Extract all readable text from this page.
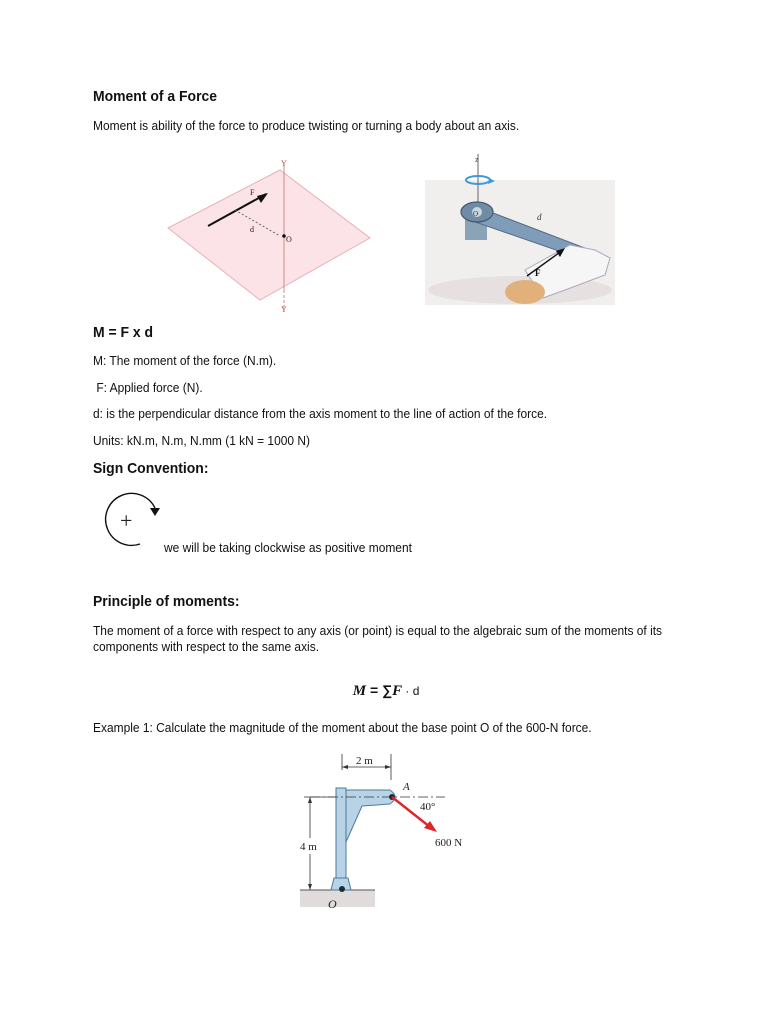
Moment of a Force
Moment is ability of the force to produce twisting or turning a body about an axis.
Y
Y
F
d
O
z
O	d
F
M = F x d
M: The moment of the force (N.m).
F: Applied force (N).
d: is the perpendicular distance from the axis moment to the line of action of the force.
Units: kN.m, N.m, N.mm (1 kN = 1000 N)
Sign Convention:
+
we will be taking clockwise as positive moment
Principle of moments:
The moment of a force with respect to any axis (or point) is equal to the algebraic sum of the moments of its components with respect to the same axis.

M = ∑F · d

Example 1: Calculate the magnitude of the moment about the base point O of the 600-N force.
2 m
4 m
A
40°
600 N
O
